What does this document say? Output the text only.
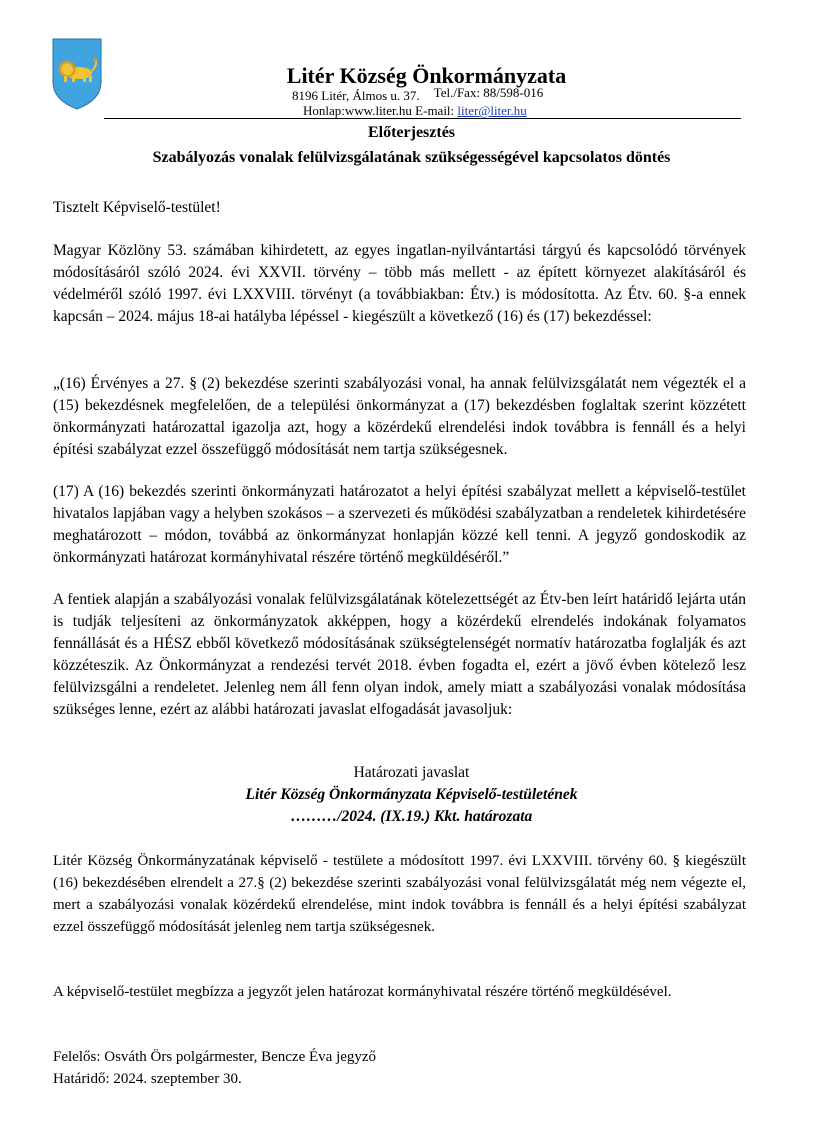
Litér Község Önkormányzata
8196 Litér, Álmos u. 37. Tel./Fax: 88/598-016
Honlap:www.liter.hu E-mail: liter@liter.hu
Előterjesztés
Szabályozás vonalak felülvizsgálatának szükségességével kapcsolatos döntés

Tisztelt Képviselő-testület!

Magyar Közlöny 53. számában kihirdetett, az egyes ingatlan-nyilvántartási tárgyú és kapcsolódó törvények módosításáról szóló 2024. évi XXVII. törvény – több más mellett - az épített környezet alakításáról és védelméről szóló 1997. évi LXXVIII. törvényt (a továbbiakban: Étv.) is módosította. Az Étv. 60. §-a ennek kapcsán – 2024. május 18-ai hatályba lépéssel - kiegészült a következő (16) és (17) bekezdéssel:

„(16) Érvényes a 27. § (2) bekezdése szerinti szabályozási vonal, ha annak felülvizsgálatát nem végezték el a (15) bekezdésnek megfelelően, de a települési önkormányzat a (17) bekezdésben foglaltak szerint közzétett önkormányzati határozattal igazolja azt, hogy a közérdekű elrendelési indok továbbra is fennáll és a helyi építési szabályzat ezzel összefüggő módosítását nem tartja szükségesnek.

(17) A (16) bekezdés szerinti önkormányzati határozatot a helyi építési szabályzat mellett a képviselő-testület hivatalos lapjában vagy a helyben szokásos – a szervezeti és működési szabályzatban a rendeletek kihirdetésére meghatározott – módon, továbbá az önkormányzat honlapján közzé kell tenni. A jegyző gondoskodik az önkormányzati határozat kormányhivatal részére történő megküldéséről.”

A fentiek alapján a szabályozási vonalak felülvizsgálatának kötelezettségét az Étv-ben leírt határidő lejárta után is tudják teljesíteni az önkormányzatok akképpen, hogy a közérdekű elrendelés indokának folyamatos fennállását és a HÉSZ ebből következő módosításának szükségtelenségét normatív határozatba foglalják és azt közzéteszik. Az Önkormányzat a rendezési tervét 2018. évben fogadta el, ezért a jövő évben kötelező lesz felülvizsgálni a rendeletet. Jelenleg nem áll fenn olyan indok, amely miatt a szabályozási vonalak módosítása szükséges lenne, ezért az alábbi határozati javaslat elfogadását javasoljuk:

Határozati javaslat
Litér Község Önkormányzata Képviselő-testületének
………/2024. (IX.19.) Kkt. határozata

Litér Község Önkormányzatának képviselő - testülete a módosított 1997. évi LXXVIII. törvény 60. § kiegészült (16) bekezdésében elrendelt a 27.§ (2) bekezdése szerinti szabályozási vonal felülvizsgálatát még nem végezte el, mert a szabályozási vonalak közérdekű elrendelése, mint indok továbbra is fennáll és a helyi építési szabályzat ezzel összefüggő módosítását jelenleg nem tartja szükségesnek.

A képviselő-testület megbízza a jegyzőt jelen határozat kormányhivatal részére történő megküldésével.

Felelős: Osváth Örs polgármester, Bencze Éva jegyző

Határidő: 2024. szeptember 30.
